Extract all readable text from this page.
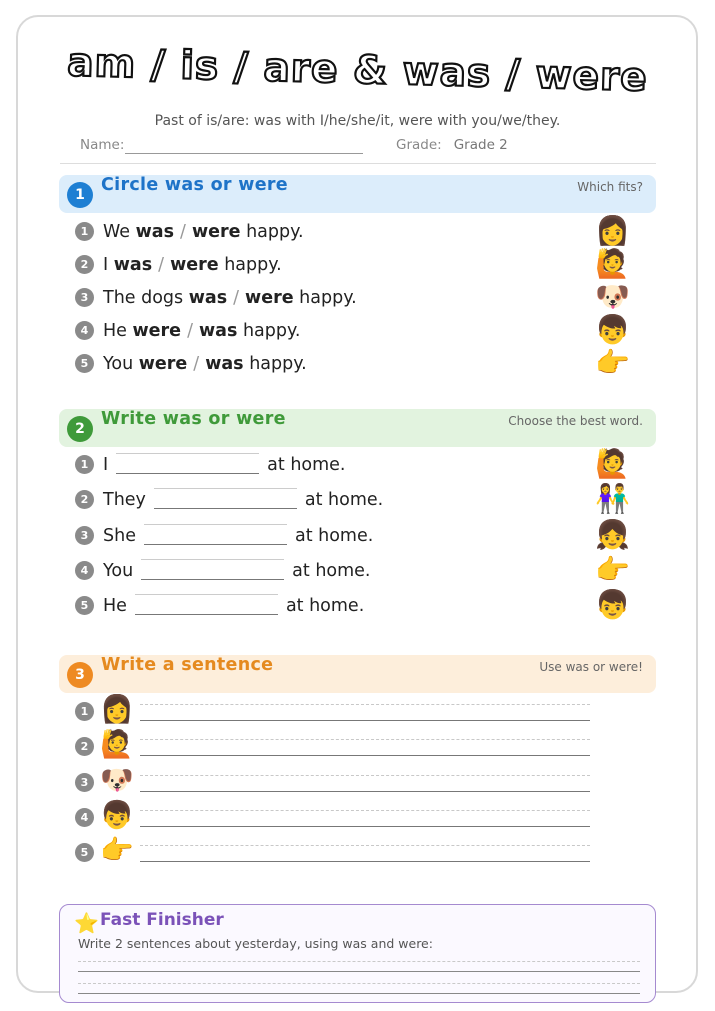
am / is / are & was / were
Past of is/are: was with I/he/she/it, were with you/we/they.
Name:	Grade: Grade 2
1 Circle was or were	Which fits?
1 We was / were happy.
2 I was / were happy.
3 The dogs was / were happy.
4 He were / was happy.
5 You were / was happy.
👩
🙋
🐶
👦
👉
2 Write was or were	Choose the best word.
1 I	at home.
2 They	at home.
3 She	at home.
4 You	at home.
5 He	at home.
🙋
👫
👧
👉
👦
3 Write a sentence	Use was or were!
1 👩
2 🙋
3 🐶
4 👦
5 👉
⭐ Fast Finisher
Write 2 sentences about yesterday, using was and were:
